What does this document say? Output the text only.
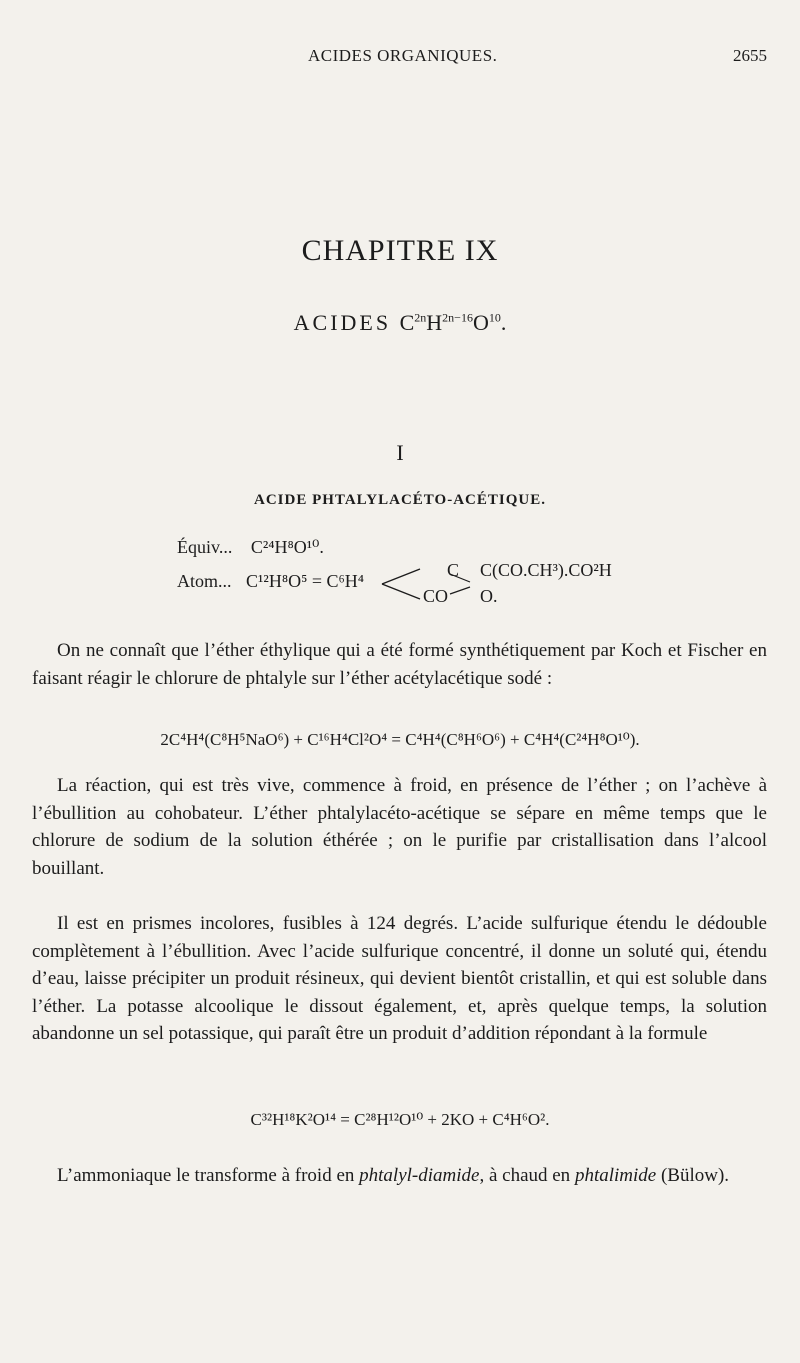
ACIDES ORGANIQUES.	2655
CHAPITRE IX
ACIDES $C^{2n}H^{2n-16}O^{10}$.
I
ACIDE PHTALYLACÉTO-ACÉTIQUE.
Équiv... C²⁴H⁸O¹⁰.
Atom... C¹²H⁸O⁵ = C⁶H⁴
C C(CO.CH³).CO²H
CO O.
On ne connaît que l’éther éthylique qui a été formé synthétiquement par Koch et Fischer en faisant réagir le chlorure de phtalyle sur l’éther acétylacétique sodé :
2C⁴H⁴(C⁸H⁵NaO⁶) + C¹⁶H⁴Cl²O⁴ = C⁴H⁴(C⁸H⁶O⁶) + C⁴H⁴(C²⁴H⁸O¹⁰).
La réaction, qui est très vive, commence à froid, en présence de l’éther ; on l’achève à l’ébullition au cohobateur. L’éther phtalylacéto-acétique se sépare en même temps que le chlorure de sodium de la solution éthérée ; on le purifie par cristallisation dans l’alcool bouillant.
Il est en prismes incolores, fusibles à 124 degrés. L’acide sulfurique étendu le dédouble complètement à l’ébullition. Avec l’acide sulfurique concentré, il donne un soluté qui, étendu d’eau, laisse précipiter un produit résineux, qui devient bientôt cristallin, et qui est soluble dans l’éther. La potasse alcoolique le dissout également, et, après quelque temps, la solution abandonne un sel potassique, qui paraît être un produit d’addition répondant à la formule
C³²H¹⁸K²O¹⁴ = C²⁸H¹²O¹⁰ + 2KO + C⁴H⁶O².
L’ammoniaque le transforme à froid en phtalyl-diamide, à chaud en phtalimide (Bülow).
